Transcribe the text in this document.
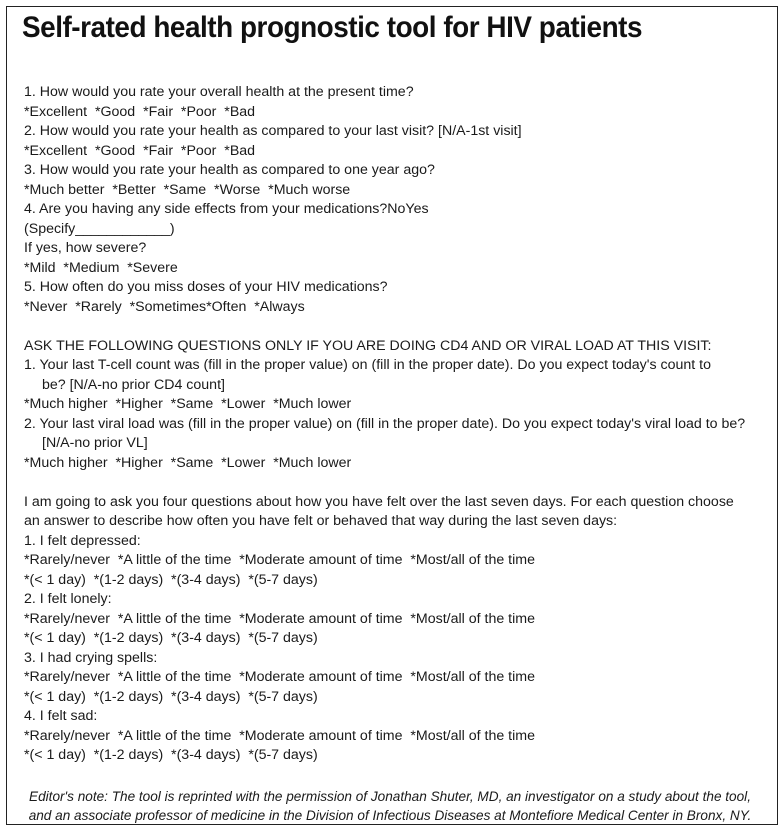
Self-rated health prognostic tool for HIV patients
1. How would you rate your overall health at the present time?
*Excellent  *Good  *Fair  *Poor  *Bad
2. How would you rate your health as compared to your last visit? [N/A-1st visit]
*Excellent  *Good  *Fair  *Poor  *Bad
3. How would you rate your health as compared to one year ago?
*Much better  *Better  *Same  *Worse  *Much worse
4. Are you having any side effects from your medications?NoYes
(Specify____________)
If yes, how severe?
*Mild  *Medium  *Severe
5. How often do you miss doses of your HIV medications?
*Never  *Rarely  *Sometimes*Often  *Always
ASK THE FOLLOWING QUESTIONS ONLY IF YOU ARE DOING CD4 AND OR VIRAL LOAD AT THIS VISIT:
1. Your last T-cell count was (fill in the proper value) on (fill in the proper date). Do you expect today's count to
be? [N/A-no prior CD4 count]
*Much higher  *Higher  *Same  *Lower  *Much lower
2. Your last viral load was (fill in the proper value) on (fill in the proper date). Do you expect today's viral load to be?
[N/A-no prior VL]
*Much higher  *Higher  *Same  *Lower  *Much lower
I am going to ask you four questions about how you have felt over the last seven days. For each question choose
an answer to describe how often you have felt or behaved that way during the last seven days:
1. I felt depressed:
*Rarely/never  *A little of the time  *Moderate amount of time  *Most/all of the time
*(< 1 day)  *(1-2 days)  *(3-4 days)  *(5-7 days)
2. I felt lonely:
*Rarely/never  *A little of the time  *Moderate amount of time  *Most/all of the time
*(< 1 day)  *(1-2 days)  *(3-4 days)  *(5-7 days)
3. I had crying spells:
*Rarely/never  *A little of the time  *Moderate amount of time  *Most/all of the time
*(< 1 day)  *(1-2 days)  *(3-4 days)  *(5-7 days)
4. I felt sad:
*Rarely/never  *A little of the time  *Moderate amount of time  *Most/all of the time
*(< 1 day)  *(1-2 days)  *(3-4 days)  *(5-7 days)
Editor's note: The tool is reprinted with the permission of Jonathan Shuter, MD, an investigator on a study about the tool,
and an associate professor of medicine in the Division of Infectious Diseases at Montefiore Medical Center in Bronx, NY.
